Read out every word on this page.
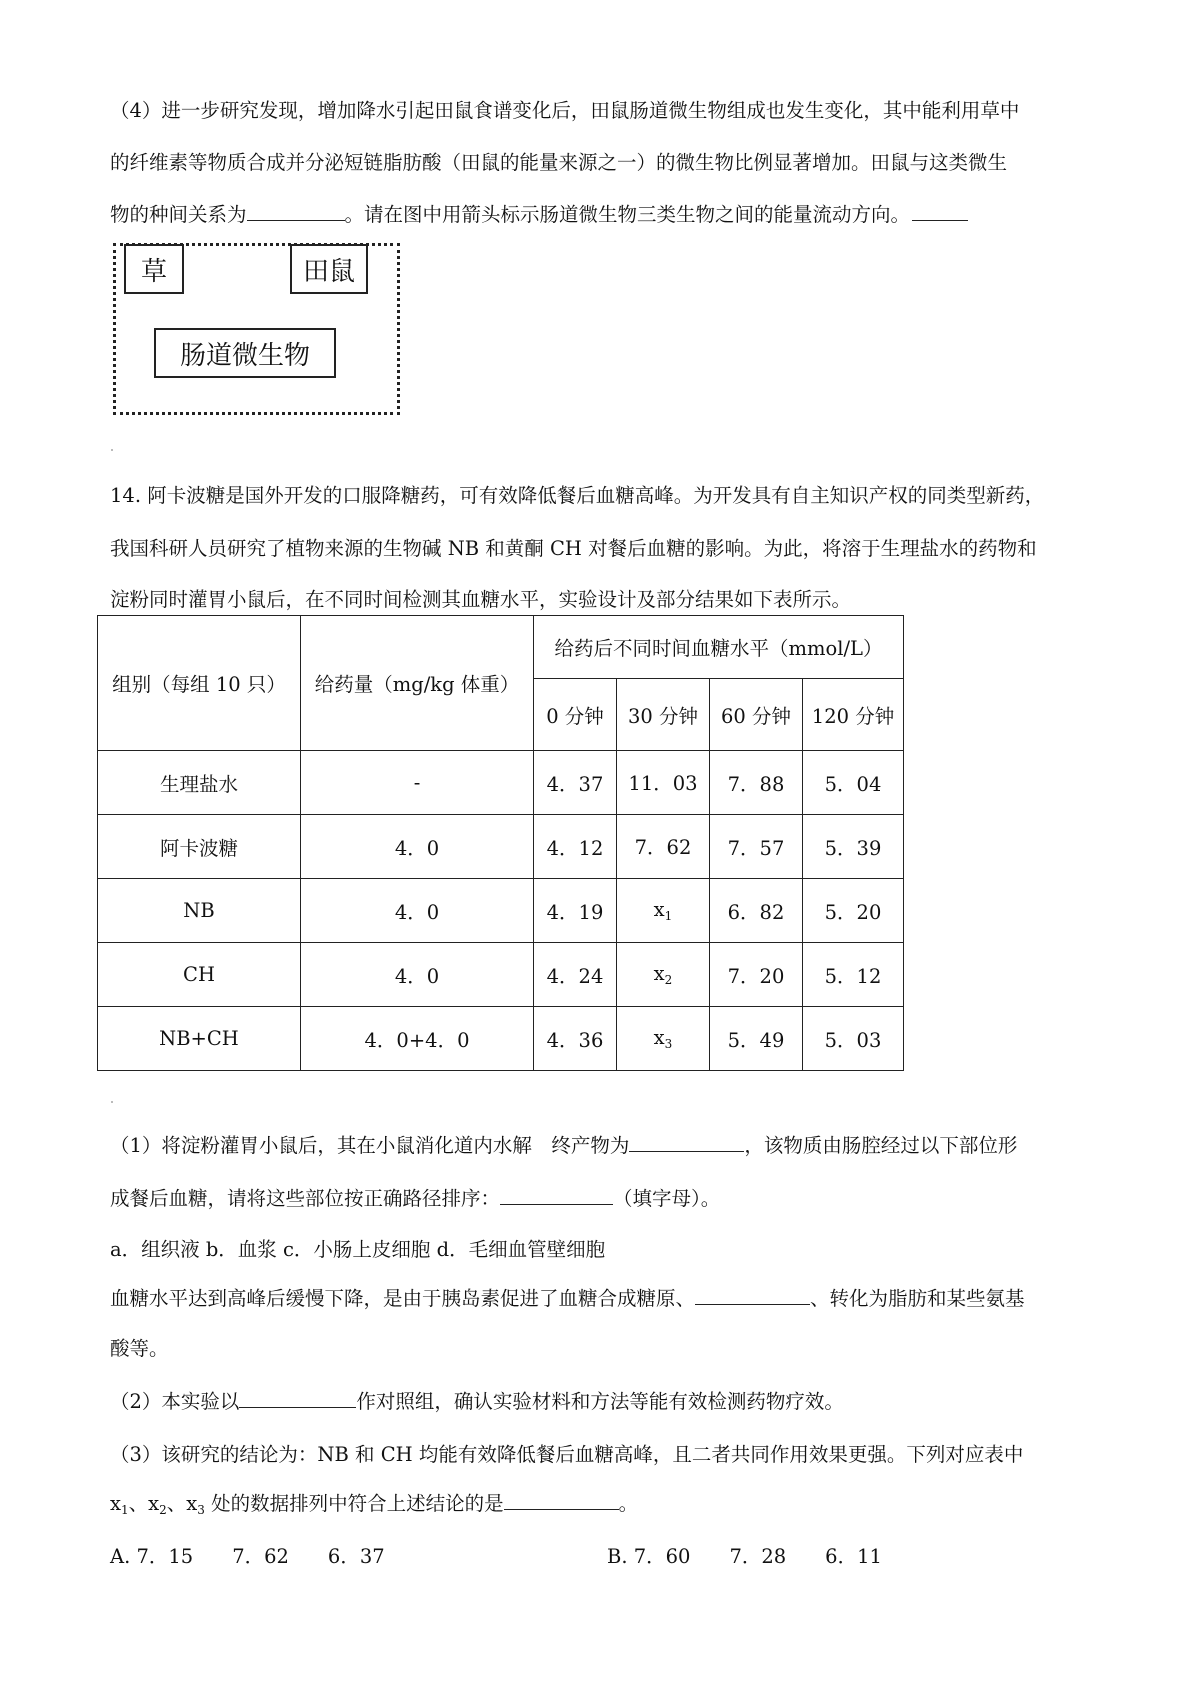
（4）进一步研究发现，增加降水引起田鼠食谱变化后，田鼠肠道微生物组成也发生变化，其中能利用草中
的纤维素等物质合成并分泌短链脂肪酸（田鼠的能量来源之一）的微生物比例显著增加。田鼠与这类微生
物的种间关系为	。请在图中用箭头标示肠道微生物三类生物之间的能量流动方向。
草	田鼠
肠道微生物
14. 阿卡波糖是国外开发的口服降糖药，可有效降低餐后血糖高峰。为开发具有自主知识产权的同类型新药，
我国科研人员研究了植物来源的生物碱 NB 和黄酮 CH 对餐后血糖的影响。为此，将溶于生理盐水的药物和
淀粉同时灌胃小鼠后，在不同时间检测其血糖水平，实验设计及部分结果如下表所示。
组别（每组 10 只）	给药量（mg/kg 体重）	给药后不同时间血糖水平（mmol/L）			
		0 分钟	30 分钟	60 分钟	120 分钟
生理盐水	-	4．37	11．03	7．88	5．04
阿卡波糖	4．0	4．12	7．62	7．57	5．39
NB	4．0	4．19	$x_1$	6．82	5．20
CH	4．0	4．24	$x_2$	7．20	5．12
NB+CH	4．0+4．0	4．36	$x_3$	5．49	5．03
（1）将淀粉灌胃小鼠后，其在小鼠消化道内水解　终产物为	，该物质由肠腔经过以下部位形
成餐后血糖，请将这些部位按正确路径排序：	（填字母）。
a．组织液 b．血浆 c．小肠上皮细胞 d．毛细血管壁细胞
血糖水平达到高峰后缓慢下降，是由于胰岛素促进了血糖合成糖原、	、转化为脂肪和某些氨基
酸等。
（2）本实验以	作对照组，确认实验材料和方法等能有效检测药物疗效。
（3）该研究的结论为：NB 和 CH 均能有效降低餐后血糖高峰，且二者共同作用效果更强。下列对应表中
$x_1$、$x_2$、$x_3$ 处的数据排列中符合上述结论的是	。
A. 7．15　　7．62　　6．37	B. 7．60　　7．28　　6．11
